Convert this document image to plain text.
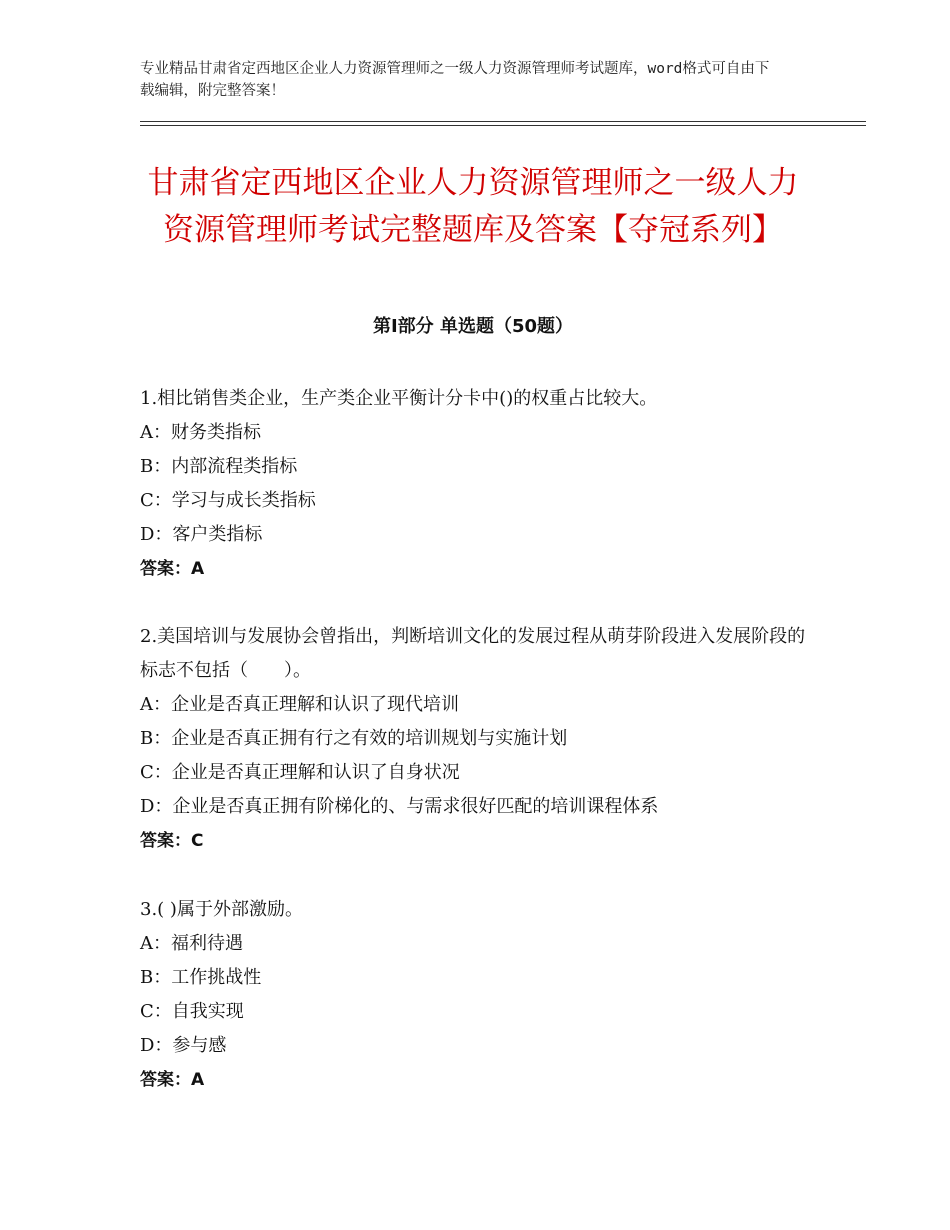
专业精品甘肃省定西地区企业人力资源管理师之一级人力资源管理师考试题库，word格式可自由下载编辑，附完整答案！
甘肃省定西地区企业人力资源管理师之一级人力资源管理师考试完整题库及答案【夺冠系列】
第Ⅰ部分 单选题（50题）

1.相比销售类企业，生产类企业平衡计分卡中()的权重占比较大。

A：财务类指标

B：内部流程类指标

C：学习与成长类指标

D：客户类指标

答案：A

2.美国培训与发展协会曾指出，判断培训文化的发展过程从萌芽阶段进入发展阶段的标志不包括（　　）。

A：企业是否真正理解和认识了现代培训

B：企业是否真正拥有行之有效的培训规划与实施计划

C：企业是否真正理解和认识了自身状况

D：企业是否真正拥有阶梯化的、与需求很好匹配的培训课程体系

答案：C

3.( )属于外部激励。

A：福利待遇

B：工作挑战性

C：自我实现

D：参与感

答案：A
